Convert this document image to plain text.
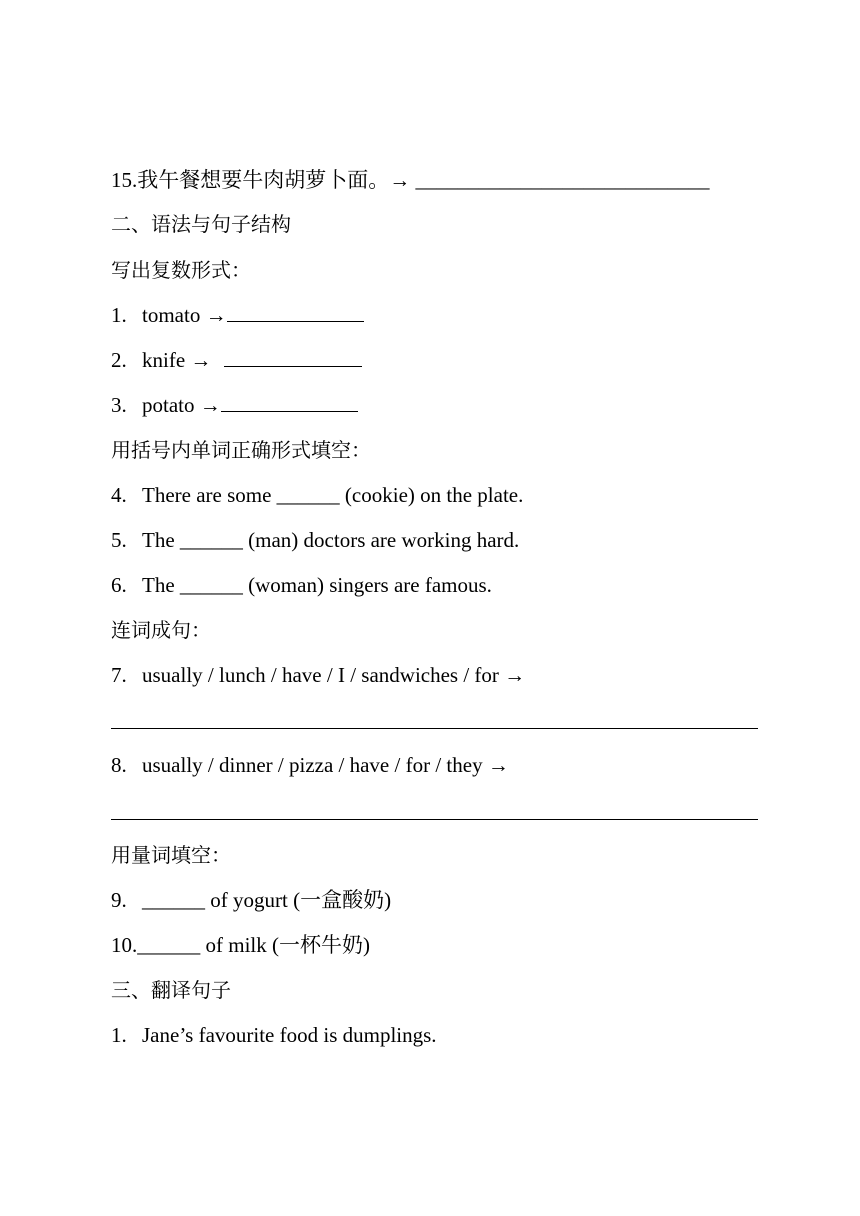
15.我午餐想要牛肉胡萝卜面。→ ____________________________
二、语法与句子结构
写出复数形式：
1. tomato →
2. knife →
3. potato →
用括号内单词正确形式填空：
4. There are some ______ (cookie) on the plate.
5. The ______ (man) doctors are working hard.
6. The ______ (woman) singers are famous.
连词成句：
7. usually / lunch / have / I / sandwiches / for →
8. usually / dinner / pizza / have / for / they →
用量词填空：
9. ______ of yogurt (一盒酸奶)
10.______ of milk (一杯牛奶)
三、翻译句子
1. Jane’s favourite food is dumplings.
